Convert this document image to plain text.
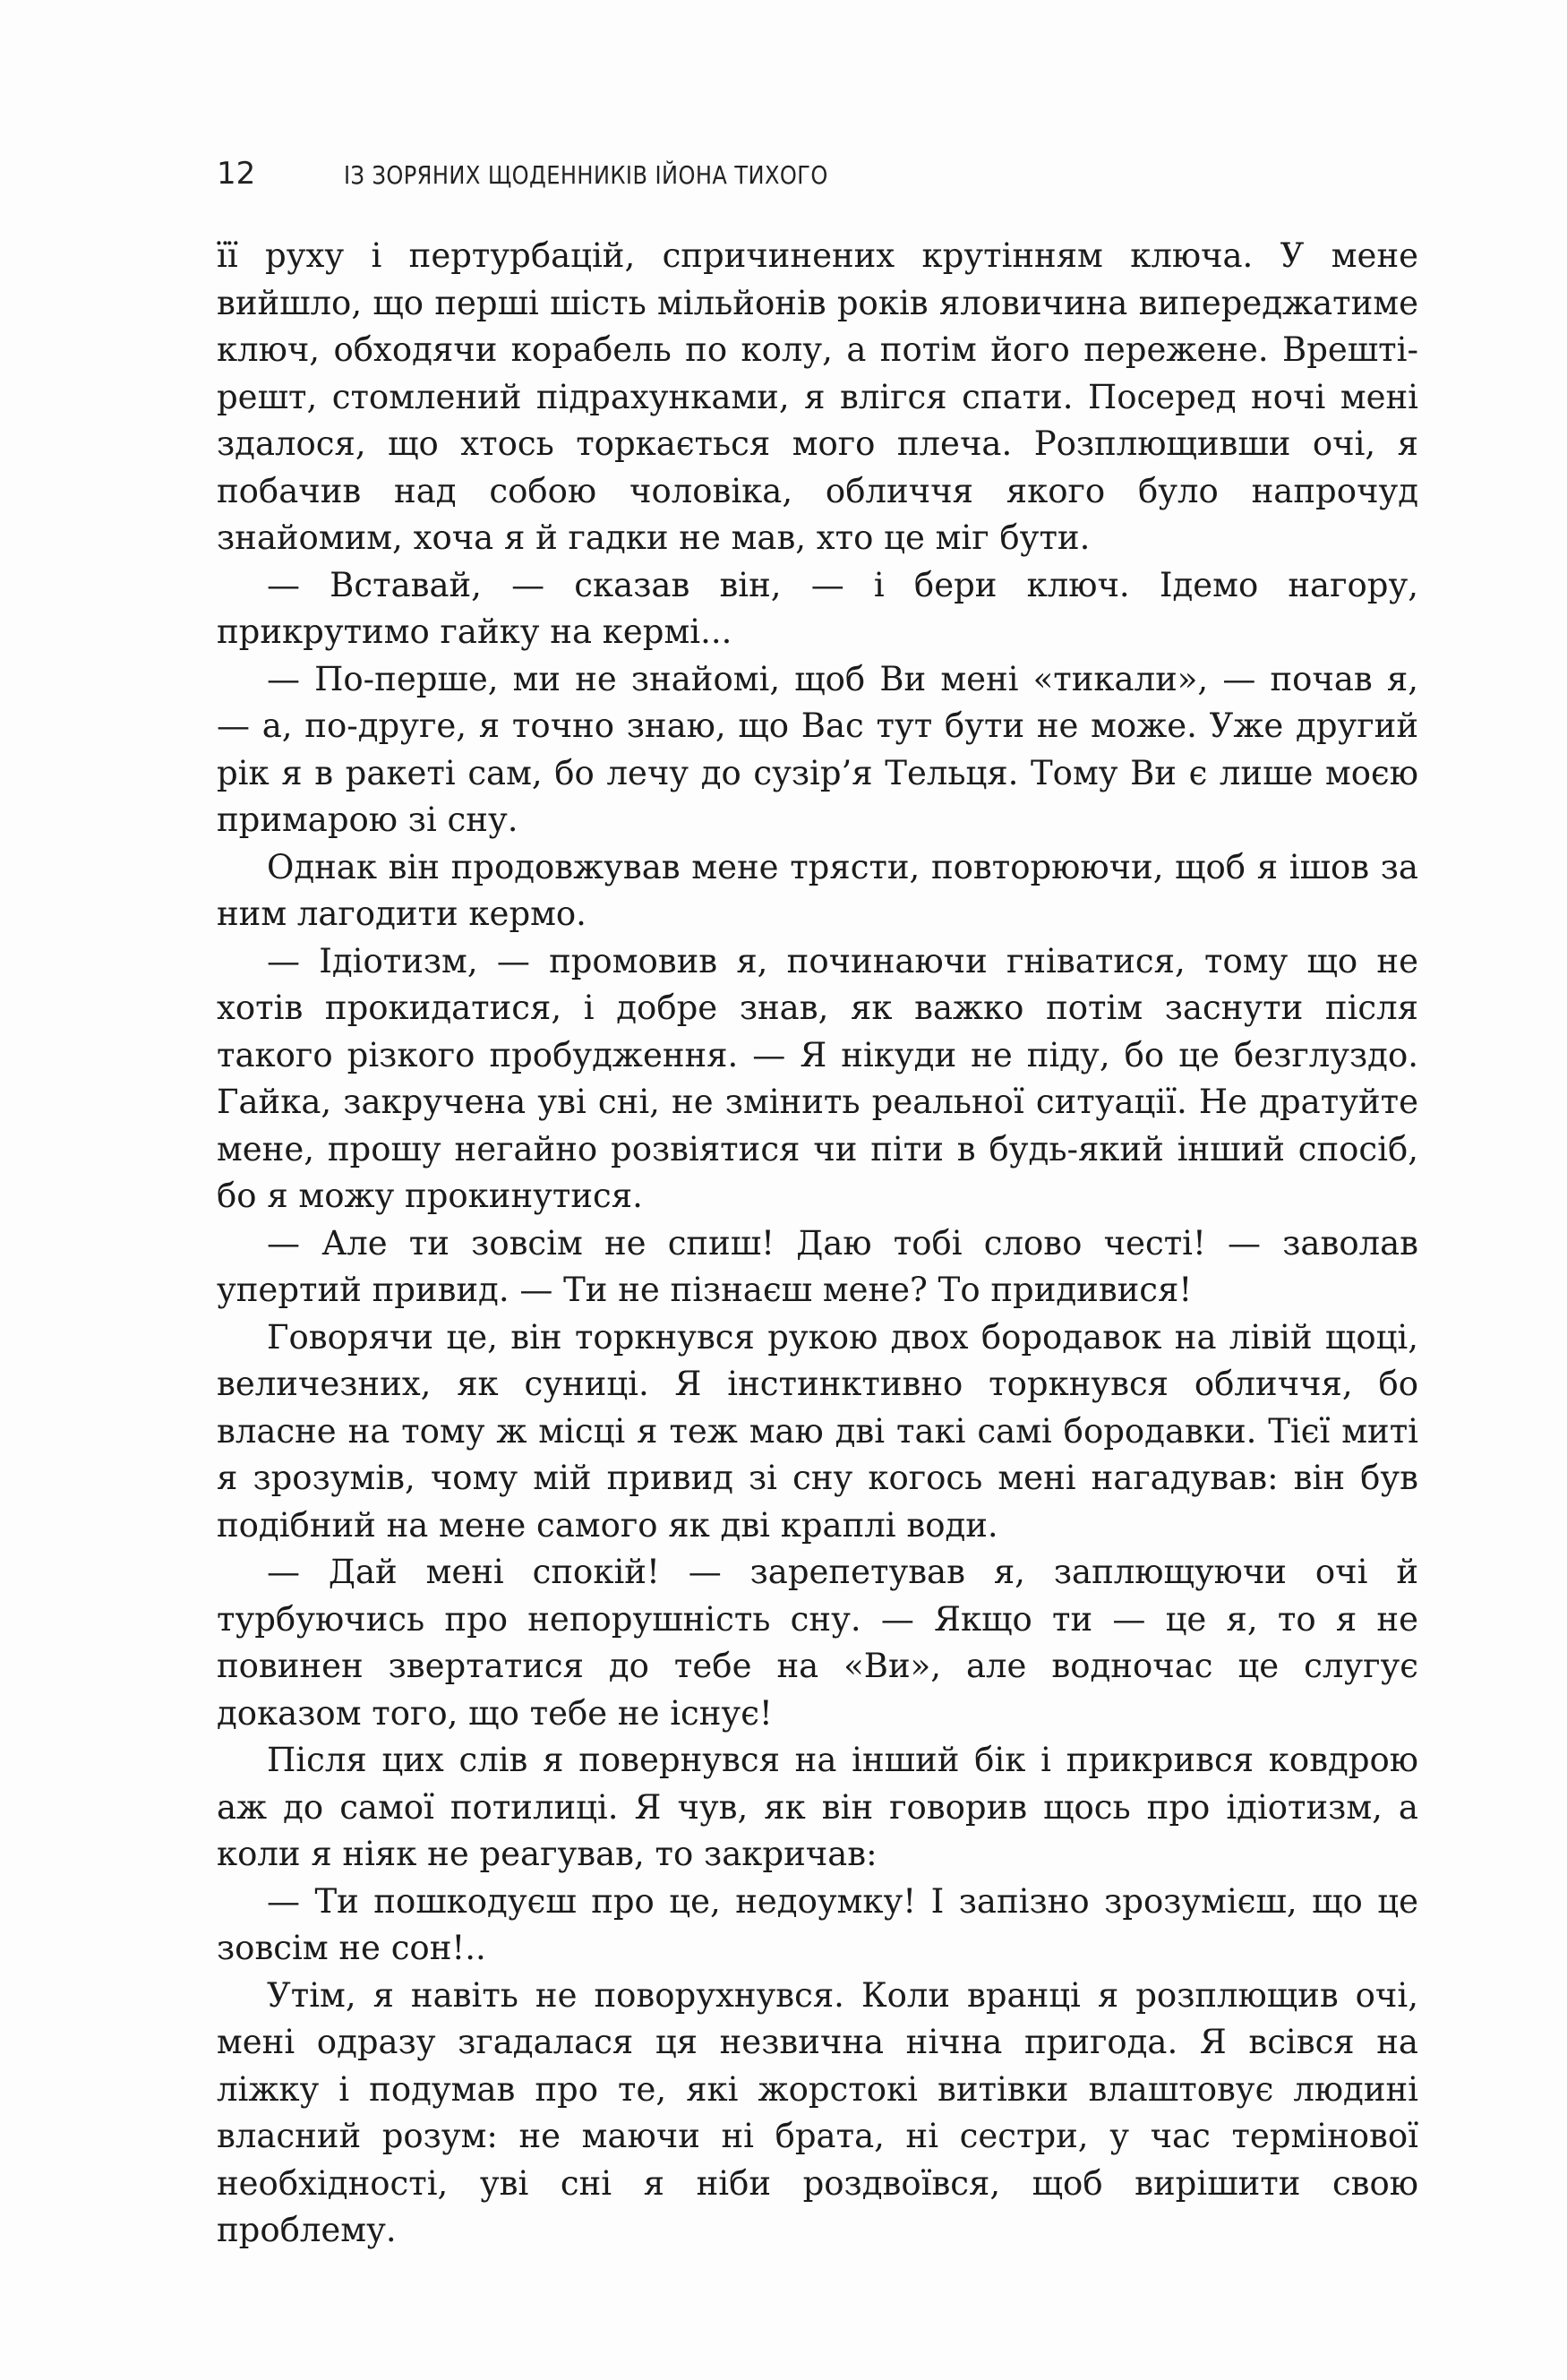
12	ІЗ ЗОРЯНИХ ЩОДЕННИКІВ ІЙОНА ТИХОГО

її руху і пертурбацій, спричинених крутінням ключа. У мене вийшло, що перші шість мільйонів років яловичина випереджатиме ключ, обходячи корабель по колу, а потім його пережене. Врешті-решт, стомлений підрахунками, я влігся спати. Посеред ночі мені здалося, що хтось торкається мого плеча. Розплющивши очі, я побачив над собою чоловіка, обличчя якого було напрочуд знайомим, хоча я й гадки не мав, хто це міг бути.

— Вставай, — сказав він, — і бери ключ. Ідемо нагору, прикрутимо гайку на кермі...

— По-перше, ми не знайомі, щоб Ви мені «тикали», — почав я, — а, по-друге, я точно знаю, що Вас тут бути не може. Уже другий рік я в ракеті сам, бо лечу до сузір’я Тельця. Тому Ви є лише моєю примарою зі сну.

Однак він продовжував мене трясти, повторюючи, щоб я ішов за ним лагодити кермо.

— Ідіотизм, — промовив я, починаючи гніватися, тому що не хотів прокидатися, і добре знав, як важко потім заснути після такого різкого пробудження. — Я нікуди не піду, бо це безглуздо. Гайка, закручена уві сні, не змінить реальної ситуації. Не дратуйте мене, прошу негайно розвіятися чи піти в будь-який інший спосіб, бо я можу прокинутися.

— Але ти зовсім не спиш! Даю тобі слово честі! — заволав упертий привид. — Ти не пізнаєш мене? То придивися!

Говорячи це, він торкнувся рукою двох бородавок на лівій щоці, величезних, як суниці. Я інстинктивно торкнувся обличчя, бо власне на тому ж місці я теж маю дві такі самі бородавки. Тієї миті я зрозумів, чому мій привид зі сну когось мені нагадував: він був подібний на мене самого як дві краплі води.

— Дай мені спокій! — зарепетував я, заплющуючи очі й турбуючись про непорушність сну. — Якщо ти — це я, то я не повинен звертатися до тебе на «Ви», але водночас це слугує доказом того, що тебе не існує!

Після цих слів я повернувся на інший бік і прикрився ковдрою аж до самої потилиці. Я чув, як він говорив щось про ідіотизм, а коли я ніяк не реагував, то закричав:

— Ти пошкодуєш про це, недоумку! І запізно зрозумієш, що це зовсім не сон!..

Утім, я навіть не поворухнувся. Коли вранці я розплющив очі, мені одразу згадалася ця незвична нічна пригода. Я всівся на ліжку і подумав про те, які жорстокі витівки влаштовує людині власний розум: не маючи ні брата, ні сестри, у час термінової необхідності, уві сні я ніби роздвоївся, щоб вирішити свою проблему.
